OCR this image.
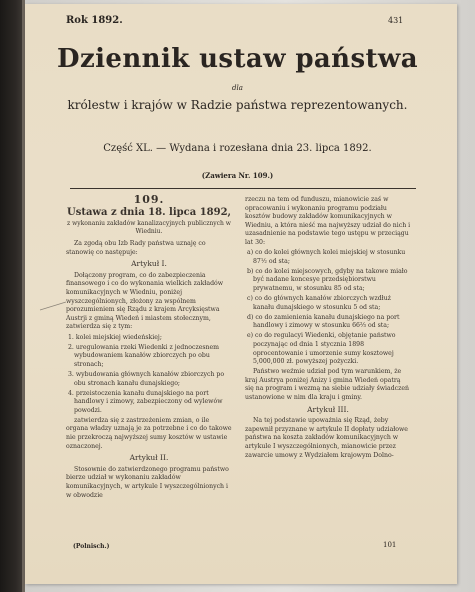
Rok 1892.	431
Dziennik ustaw państwa
dla
królestw i krajów w Radzie państwa reprezentowanych.
Część XL. — Wydana i rozesłana dnia 23. lipca 1892.
(Zawiera Nr. 109.)

109.

Ustawa z dnia 18. lipca 1892,

z wykonaniu zakładów kanalizacyjnych publicznych w Wiedniu.

Za zgodą obu Izb Rady państwa uznaję co stanowię co następuje:

Artykuł I.

Dołączony program, co do zabezpieczenia finansowego i co do wykonania wielkich zakładów komunikacyjnych w Wiedniu, poniżej wyszczególnionych, złożony za wspólnem porozumieniem się Rządu z krajem Arcyksięstwa Austrji z gminą Wiedeń i miastem stołecznym, zatwierdza się z tym:

1. kolei miejskiej wiedeńskiej;

2. uregulowania rzeki Wiedenki z jednoczesnem wybudowaniem kanałów zbiorczych po obu stronach;

3. wybudowania głównych kanałów zbiorczych po obu stronach kanału dunajskiego;

4. przeistoczenia kanału dunajskiego na port handlowy i zimowy, zabezpieczony od wylewów powodzi.

zatwierdza się z zastrzeżeniem zmian, o ile organa władzy uznają je za potrzebne i co do takowe nie przekroczą najwyższej sumy kosztów w ustawie oznaczonej.

Artykuł II.

Stosownie do zatwierdzonego programu państwo bierze udział w wykonaniu zakładów komunikacyjnych, w artykule I wyszczególnionych i w obwodzie

rzeczu na tem od funduszu, mianowicie zaś w opracowaniu i wykonaniu programu podziału kosztów budowy zakładów komunikacyjnych w Wiedniu, a która nieść ma najwyższy udział do nich i uzasadnienie na podstawie tego ustępu w przeciągu lat 30:

a) co do kolei głównych kolei miejskiej w stosunku 87½ od sta;

b) co do kolei miejscowych, gdyby na takowe miało być nadane koncesye przedsiębiorstwu prywatnemu, w stosunku 85 od sta;

c) co do głównych kanałów zbiorczych wzdłuż kanału dunajskiego w stosunku 5 od sta;

d) co do zamienienia kanału dunajskiego na port handlowy i zimowy w stosunku 66⅔ od sta;

e) co do regulacyi Wiedenki, objętanie państwo poczynając od dnia 1 stycznia 1898 oprocentowanie i umorzenie sumy kosztowej 5,000,000 zł. powyższej pożyczki.

Państwo weźmie udział pod tym warunkiem, że kraj Austrya poniżej Anizy i gmina Wiedeń opatrą się na program i wezmą na siebie udziały świadczeń ustanowione w nim dla kraju i gminy.

Artykuł III.

Na tej podstawie upoważnia się Rząd, żeby zapewnił przyznane w artykule II dopłaty udziałowe państwa na koszta zakładów komunikacyjnych w artykule I wyszczególnionych, mianowicie przez zawarcie umowy z Wydziałem krajowym Dolno-

(Polnisch.)	101
